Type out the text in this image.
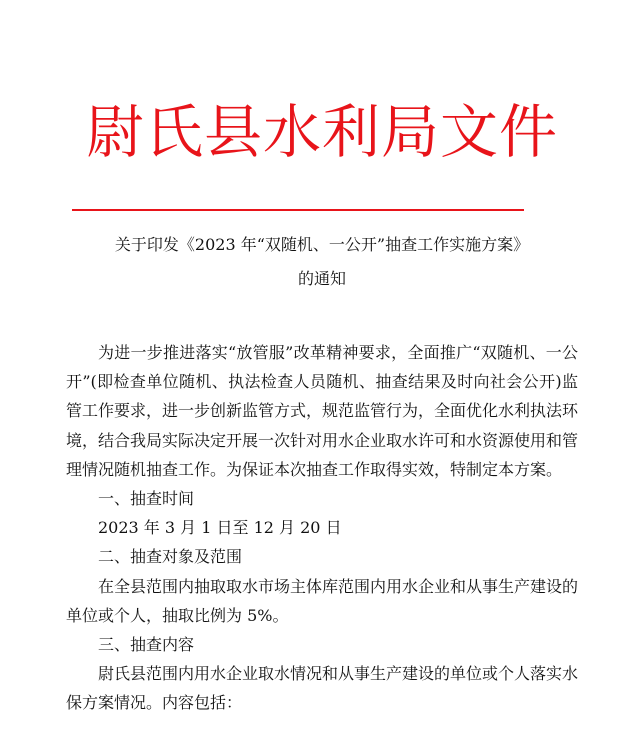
尉氏县水利局文件
关于印发《2023 年“双随机、一公开”抽查工作实施方案》
的通知

为进一步推进落实“放管服”改革精神要求，全面推广“双随机、一公开”(即检查单位随机、执法检查人员随机、抽查结果及时向社会公开)监管工作要求，进一步创新监管方式，规范监管行为，全面优化水利执法环境，结合我局实际决定开展一次针对用水企业取水许可和水资源使用和管理情况随机抽查工作。为保证本次抽查工作取得实效，特制定本方案。

一、抽查时间

2023 年 3 月 1 日至 12 月 20 日

二、抽查对象及范围

在全县范围内抽取取水市场主体库范围内用水企业和从事生产建设的单位或个人，抽取比例为 5%。

三、抽查内容

尉氏县范围内用水企业取水情况和从事生产建设的单位或个人落实水保方案情况。内容包括：
